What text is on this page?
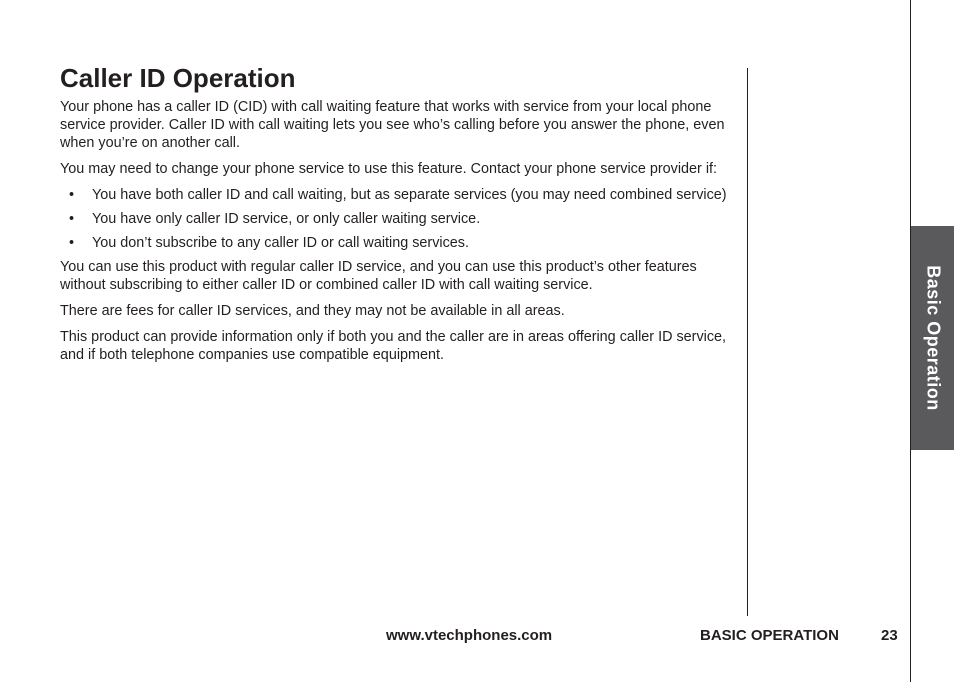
Caller ID Operation

Your phone has a caller ID (CID) with call waiting feature that works with service from your local phone service provider. Caller ID with call waiting lets you see who’s calling before you answer the phone, even when you’re on another call.

You may need to change your phone service to use this feature. Contact your phone service provider if:

• You have both caller ID and call waiting, but as separate services (you may need combined service)
• You have only caller ID service, or only caller waiting service.
• You don’t subscribe to any caller ID or call waiting services.

You can use this product with regular caller ID service, and you can use this product’s other features without subscribing to either caller ID or combined caller ID with call waiting service.

There are fees for caller ID services, and they may not be available in all areas.

This product can provide information only if both you and the caller are in areas offering caller ID service, and if both telephone companies use compatible equipment.	Basic Operation
www.vtechphones.com	BASIC OPERATION	23
